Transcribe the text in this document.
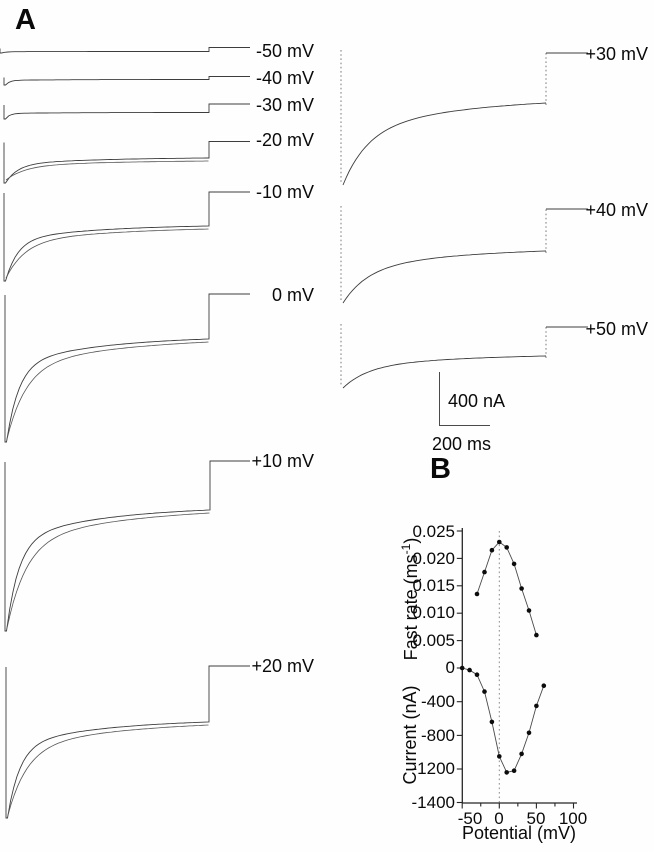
A
B
-50 mV
-40 mV
-30 mV
-20 mV
-10 mV
0 mV
+10 mV
+20 mV
+30 mV
+40 mV
+50 mV
400 nA
200 ms
Fast rate $(ms^{-1})$
Current (nA)
Potential (mV)
0.025
0.020
0.015
0.010
0.005
0
-400
-800
-1200
-1400
-50 0	50 100
